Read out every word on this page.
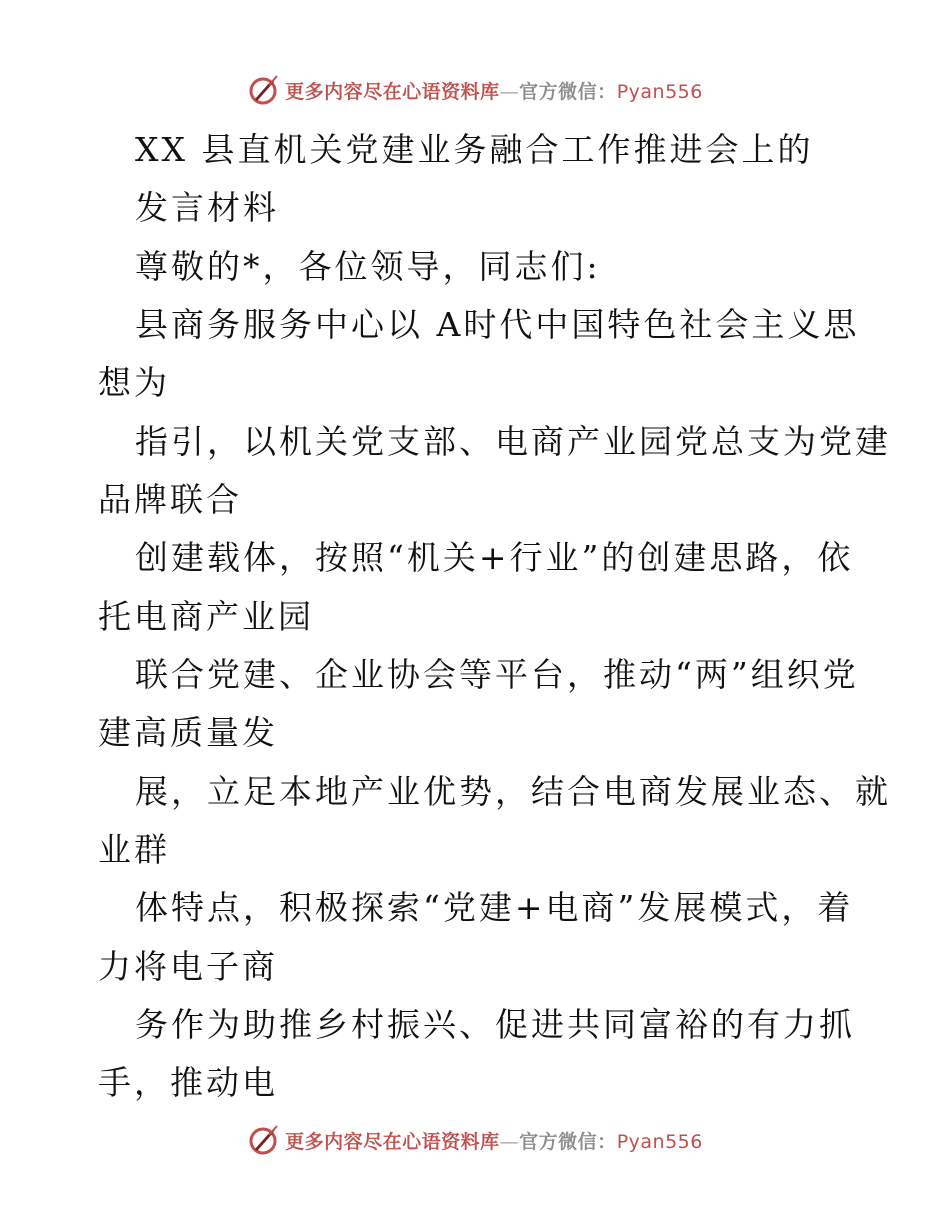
更多内容尽在心语资料库—官方微信：Pyan556
XX 县直机关党建业务融合工作推进会上的
发言材料
尊敬的*，各位领导，同志们:
县商务服务中心以 A时代中国特色社会主义思
想为
指引，以机关党支部、电商产业园党总支为党建
品牌联合
创建载体，按照“机关+行业”的创建思路，依
托电商产业园
联合党建、企业协会等平台，推动“两”组织党
建高质量发
展，立足本地产业优势，结合电商发展业态、就
业群
体特点，积极探索“党建+电商”发展模式，着
力将电子商
务作为助推乡村振兴、促进共同富裕的有力抓
手，推动电
更多内容尽在心语资料库—官方微信：Pyan556
